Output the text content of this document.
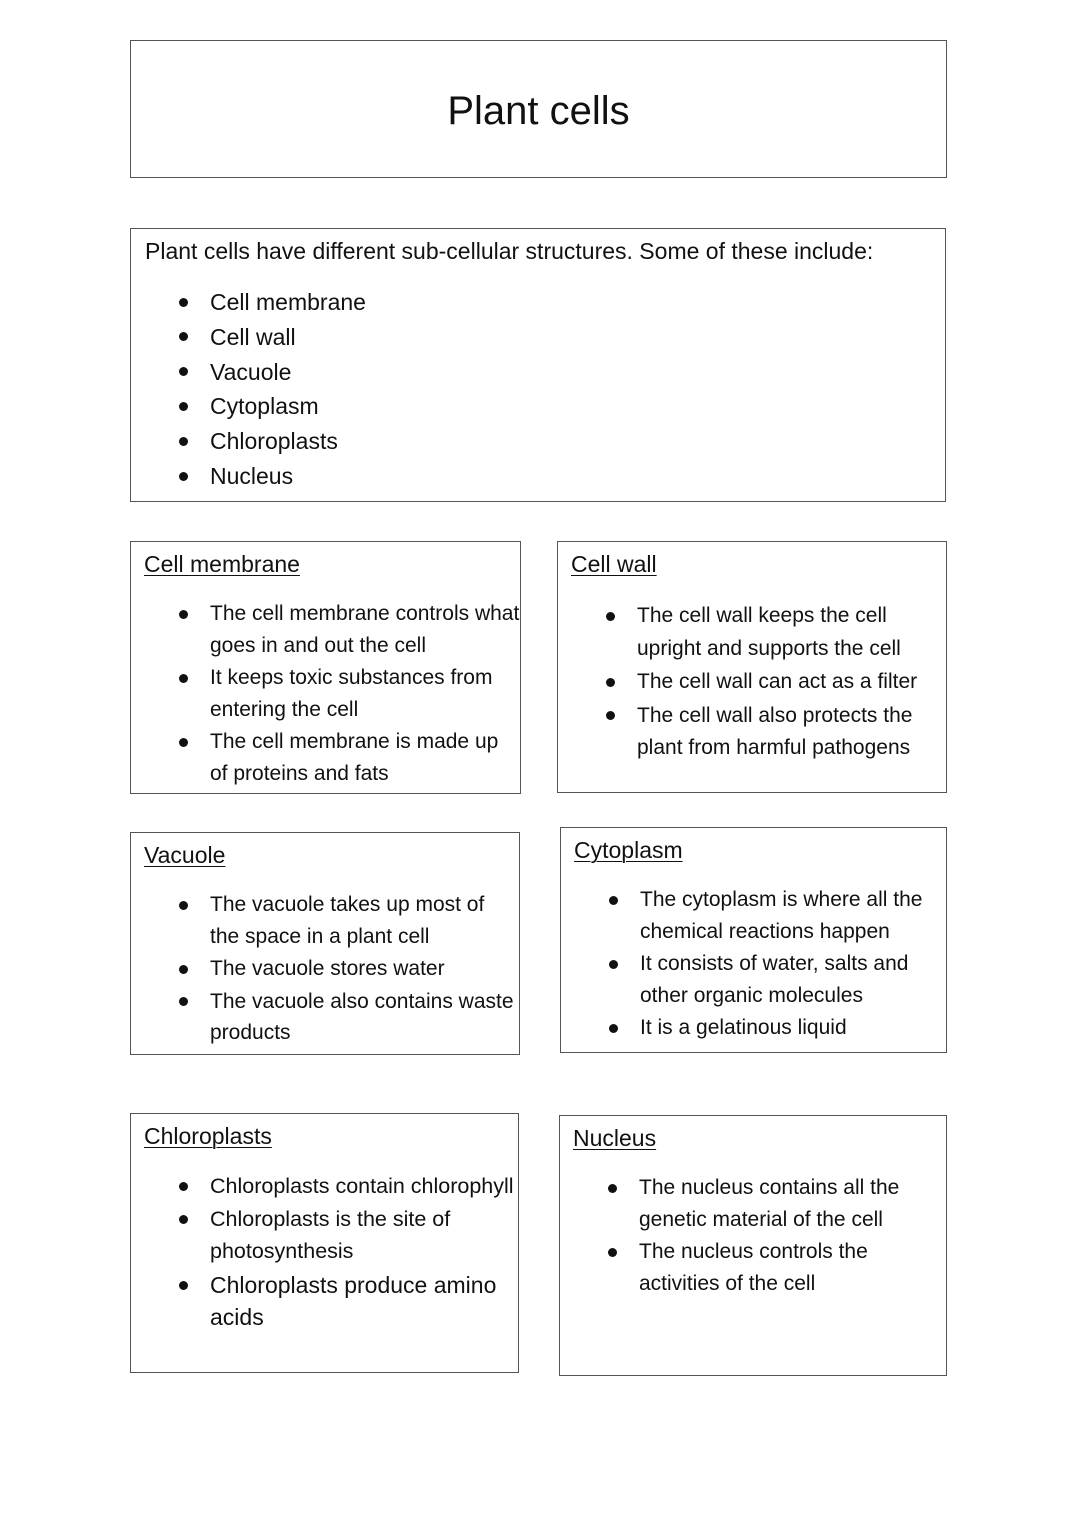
Plant cells

Plant cells have different sub-cellular structures. Some of these include:

Cell membrane
Cell wall
Vacuole
Cytoplasm
Chloroplasts
Nucleus
Cell membrane
The cell membrane controls what goes in and out the cell
It keeps toxic substances from entering the cell
The cell membrane is made up of proteins and fats
Cell wall
The cell wall keeps the cell upright and supports the cell
The cell wall can act as a filter
The cell wall also protects the plant from harmful pathogens
Vacuole
The vacuole takes up most of the space in a plant cell
The vacuole stores water
The vacuole also contains waste products
Cytoplasm
The cytoplasm is where all the chemical reactions happen
It consists of water, salts and other organic molecules
It is a gelatinous liquid
Chloroplasts
Chloroplasts contain chlorophyll
Chloroplasts is the site of photosynthesis
Chloroplasts produce amino acids
Nucleus
The nucleus contains all the genetic material of the cell
The nucleus controls the activities of the cell
